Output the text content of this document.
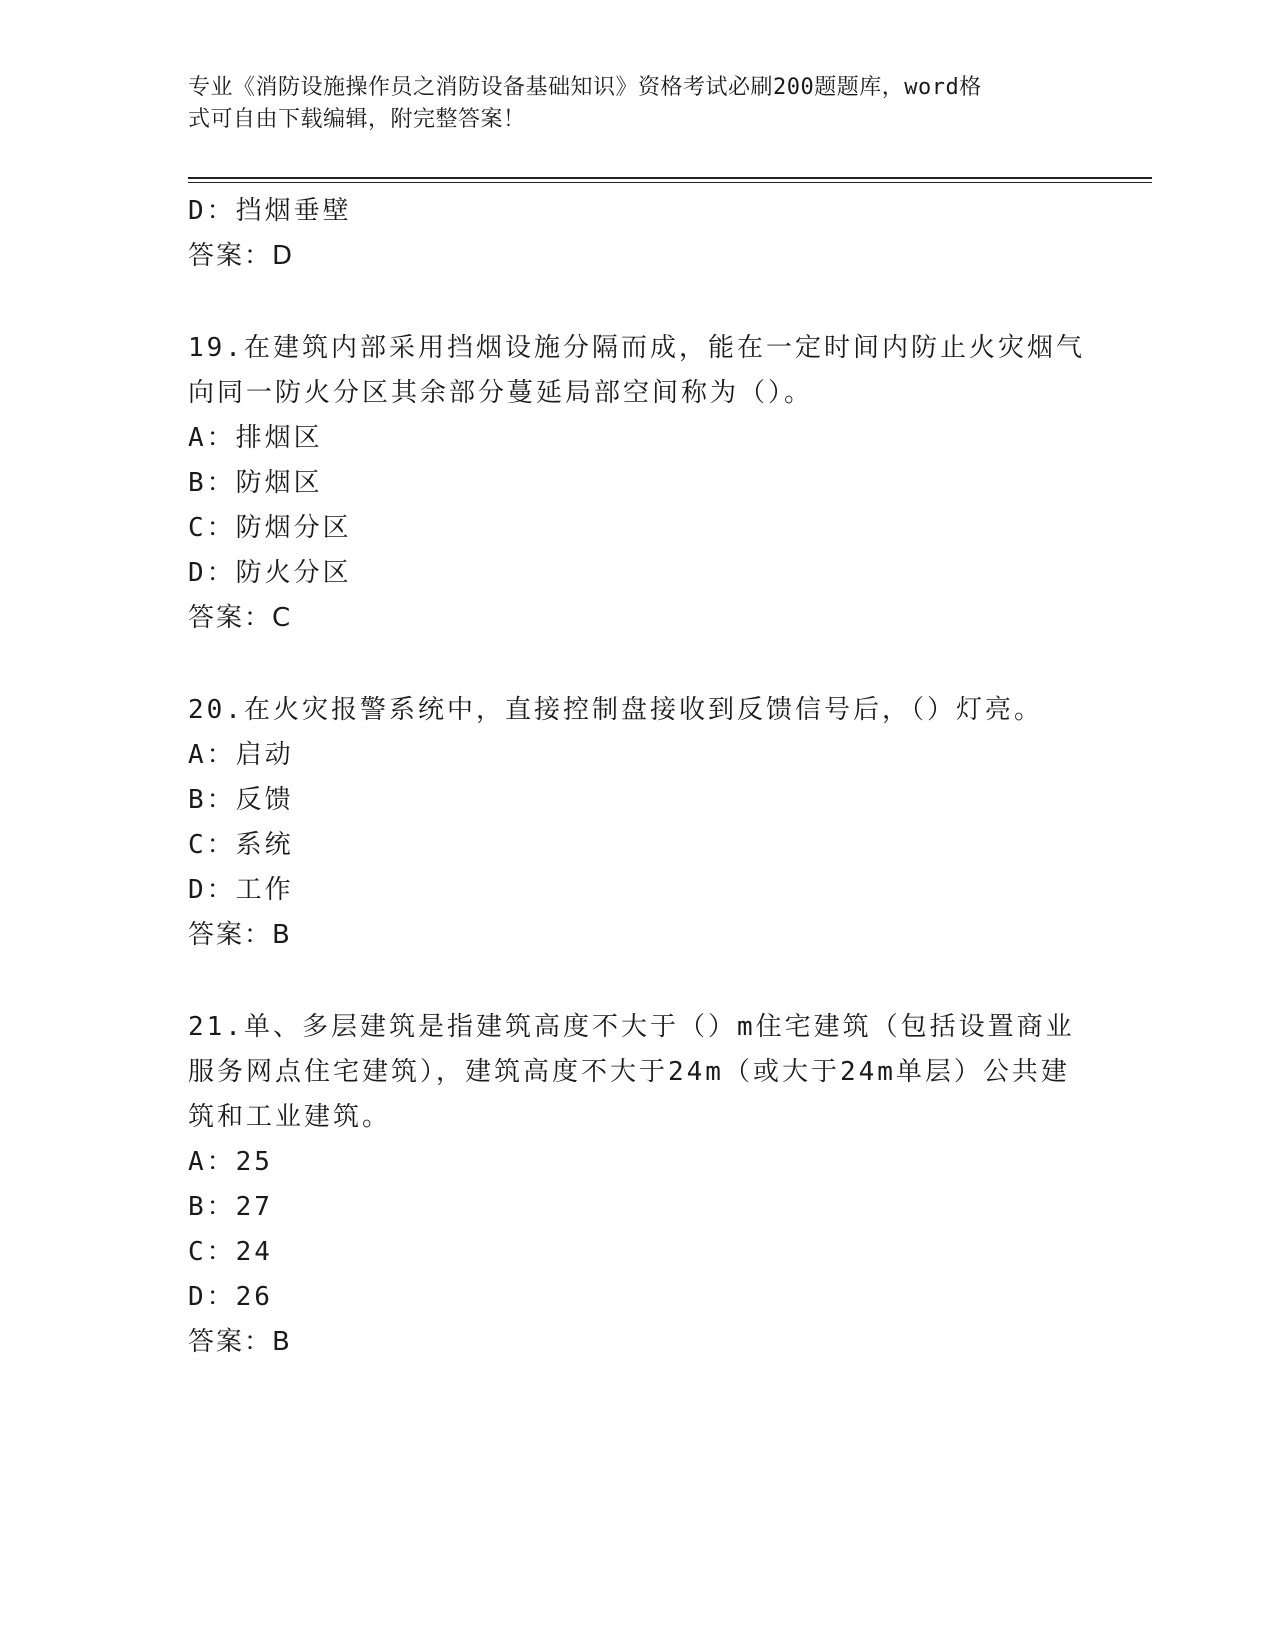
专业《消防设施操作员之消防设备基础知识》资格考试必刷200题题库，word格
式可自由下载编辑，附完整答案！
D：挡烟垂壁
答案：D
19.在建筑内部采用挡烟设施分隔而成，能在一定时间内防止火灾烟气
向同一防火分区其余部分蔓延局部空间称为（）。
A：排烟区
B：防烟区
C：防烟分区
D：防火分区
答案：C
20.在火灾报警系统中，直接控制盘接收到反馈信号后，（）灯亮。
A：启动
B：反馈
C：系统
D：工作
答案：B
21.单、多层建筑是指建筑高度不大于（）m住宅建筑（包括设置商业
服务网点住宅建筑），建筑高度不大于24m（或大于24m单层）公共建
筑和工业建筑。
A：25
B：27
C：24
D：26
答案：B
